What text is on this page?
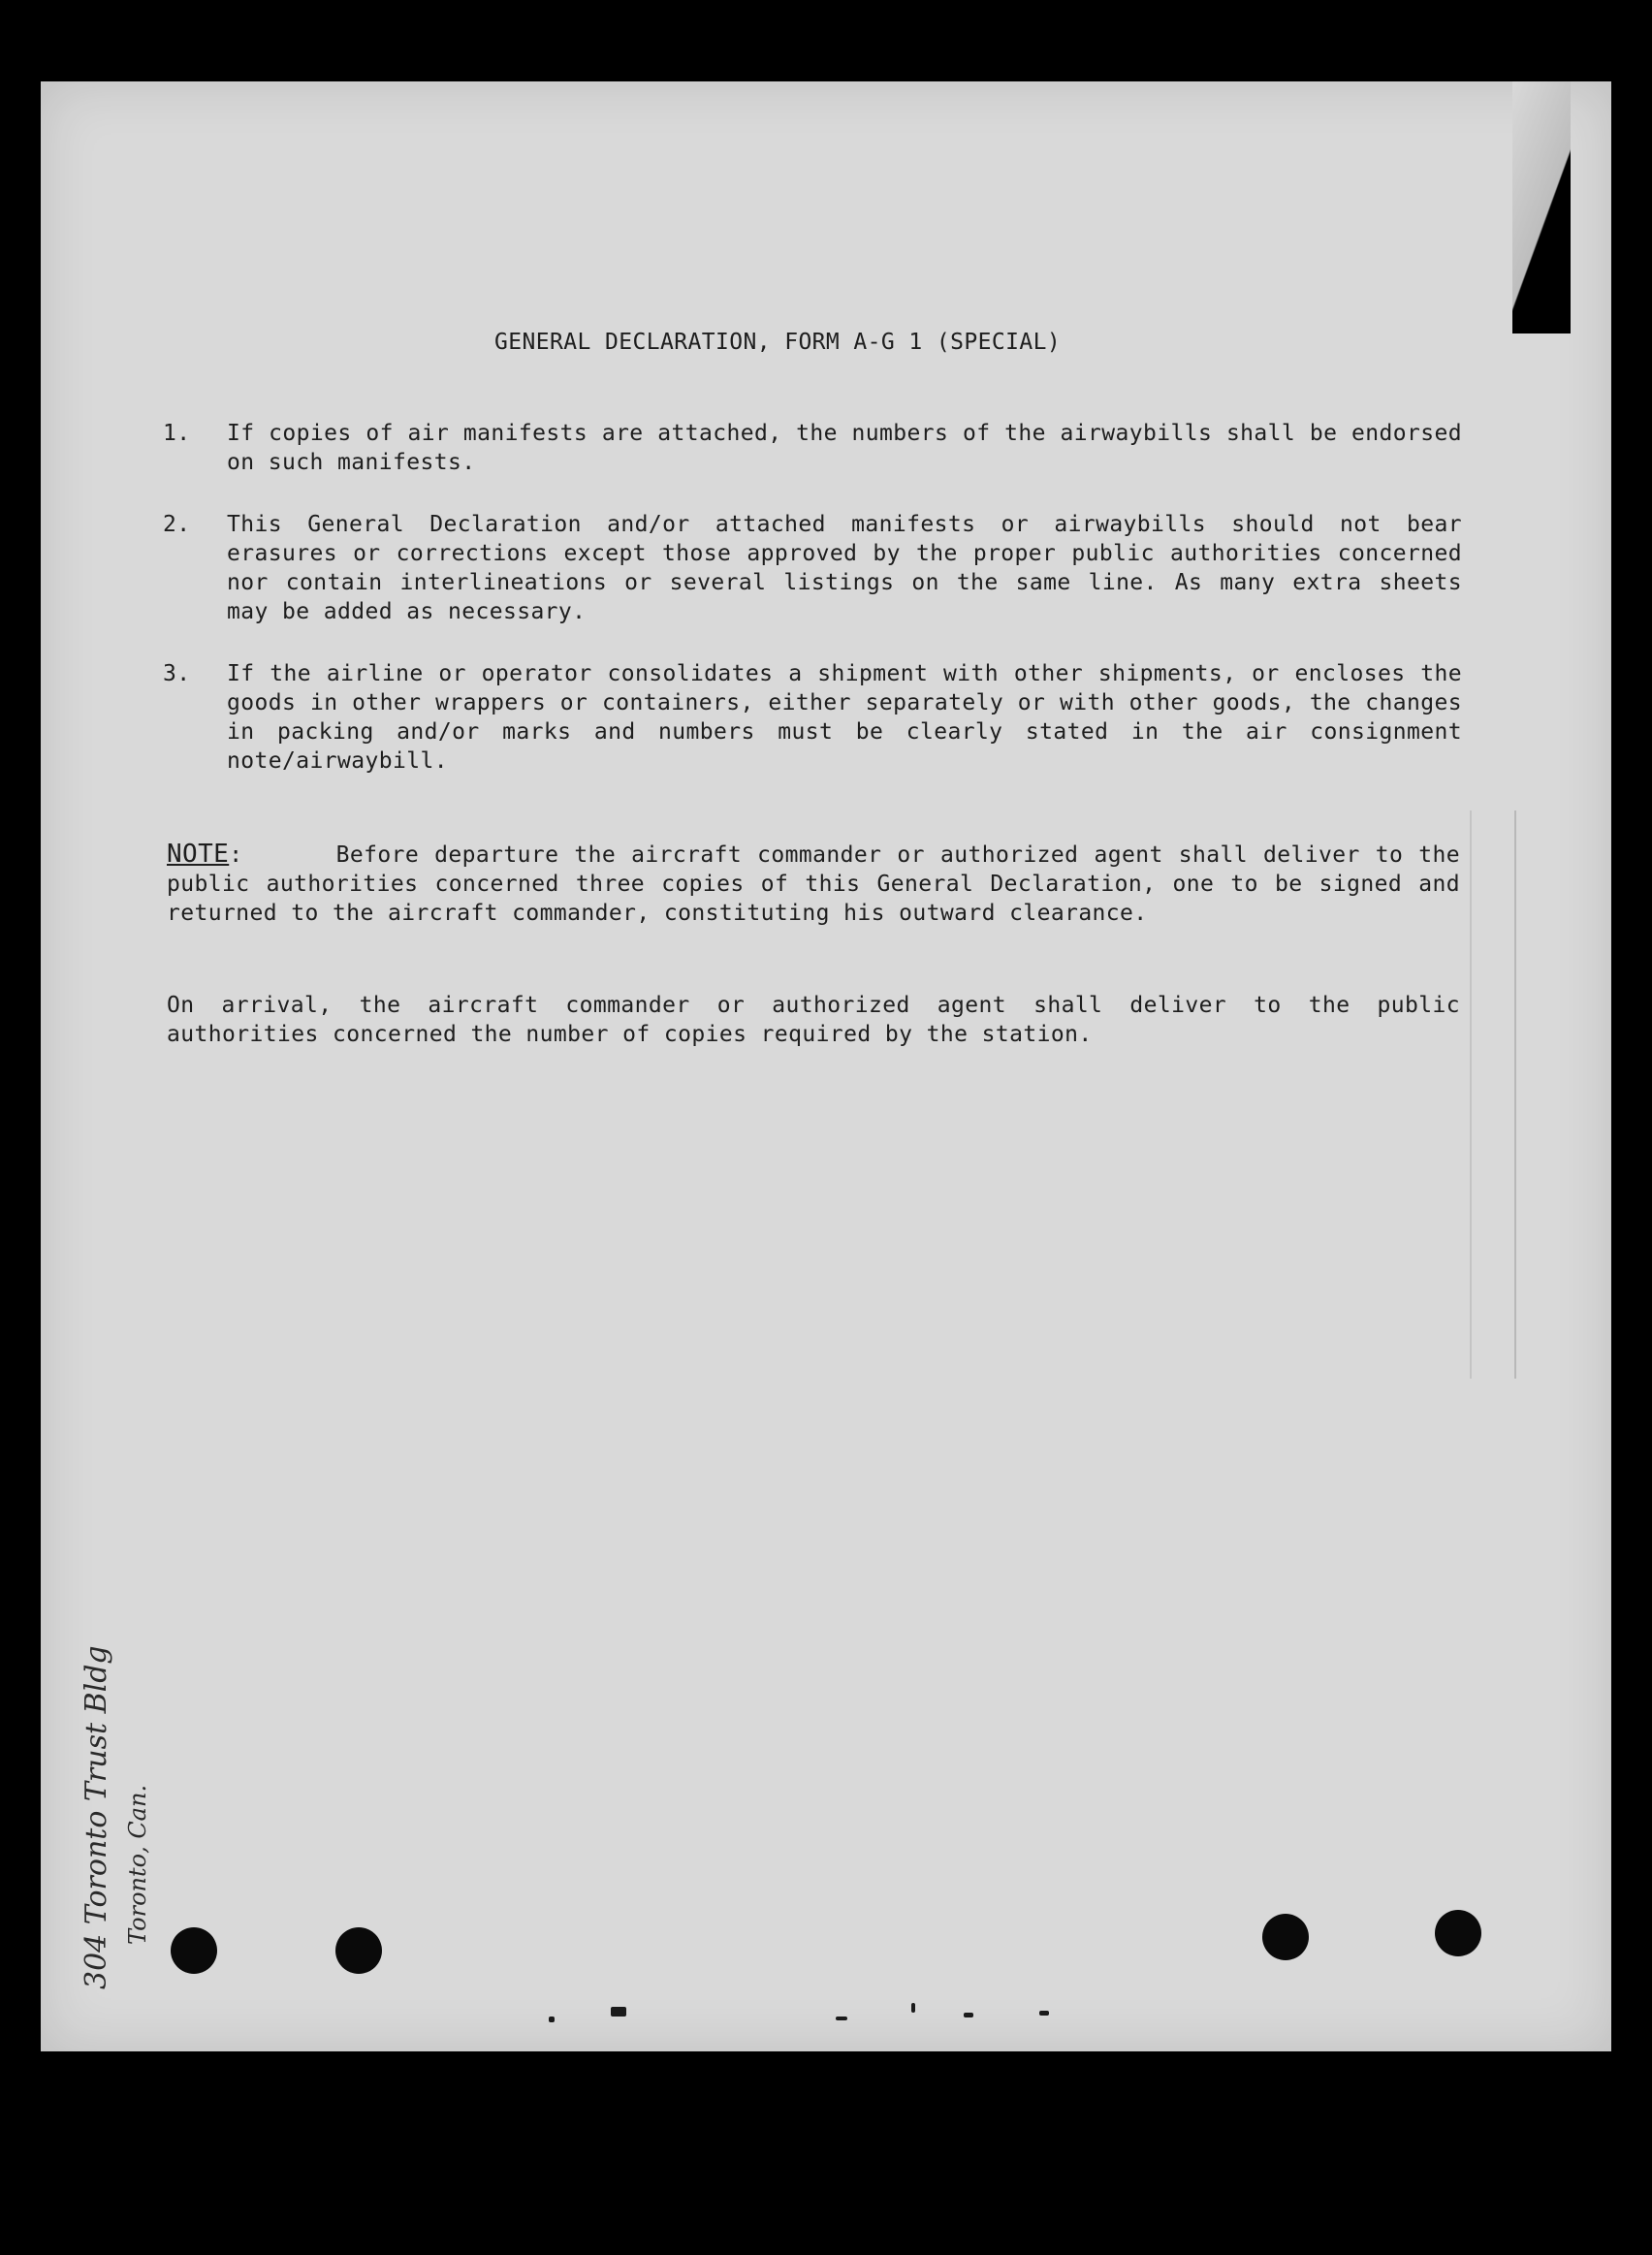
GENERAL DECLARATION, FORM A-G 1 (SPECIAL)
1.	If copies of air manifests are attached, the numbers of the airwaybills shall be endorsed on such manifests.
2.	This General Declaration and/or attached manifests or airwaybills should not bear erasures or corrections except those approved by the proper public authorities concerned nor contain interlineations or several listings on the same line. As many extra sheets may be added as necessary.
3.	If the airline or operator consolidates a shipment with other shipments, or encloses the goods in other wrappers or containers, either separately or with other goods, the changes in packing and/or marks and numbers must be clearly stated in the air consignment note/airwaybill.
NOTE:	Before departure the aircraft commander or authorized agent shall deliver to the public authorities concerned three copies of this General Declaration, one to be signed and returned to the aircraft commander, constituting his outward clearance.
On arrival, the aircraft commander or authorized agent shall deliver to the public authorities concerned the number of copies required by the station.
304 Toronto Trust Bldg Toronto, Can.
